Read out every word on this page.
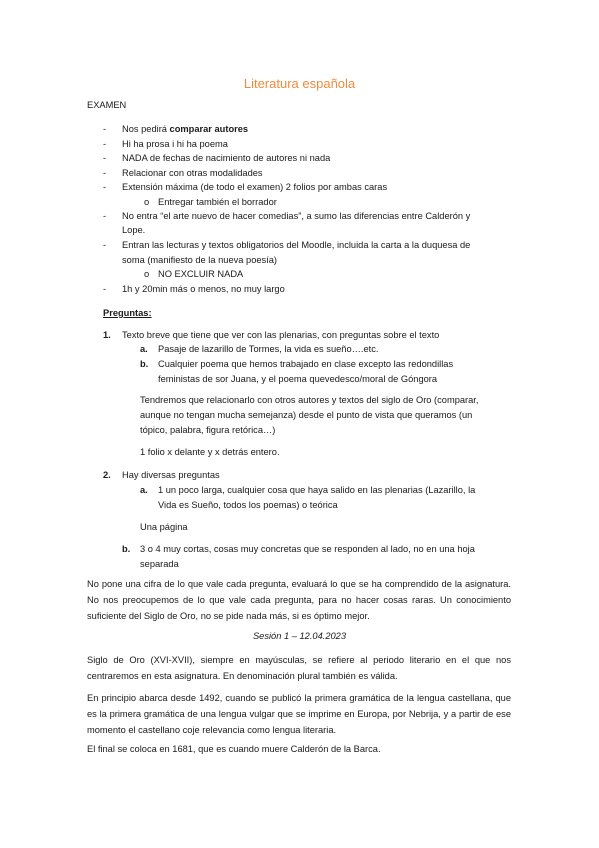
Literatura española
EXAMEN
- Nos pedirá comparar autores
- Hi ha prosa i hi ha poema
- NADA de fechas de nacimiento de autores ni nada
- Relacionar con otras modalidades
- Extensión máxima (de todo el examen) 2 folios por ambas caras
o Entregar también el borrador
- No entra “el arte nuevo de hacer comedias”, a sumo las diferencias entre Calderón y
Lope.
- Entran las lecturas y textos obligatorios del Moodle, incluida la carta a la duquesa de
soma (manifiesto de la nueva poesía)
o NO EXCLUIR NADA
- 1h y 20min más o menos, no muy largo
Preguntas:
1. Texto breve que tiene que ver con las plenarias, con preguntas sobre el texto
a. Pasaje de lazarillo de Tormes, la vida es sueño….etc.
b. Cualquier poema que hemos trabajado en clase excepto las redondillas
feministas de sor Juana, y el poema quevedesco/moral de Góngora
Tendremos que relacionarlo con otros autores y textos del siglo de Oro (comparar,
aunque no tengan mucha semejanza) desde el punto de vista que queramos (un
tópico, palabra, figura retórica…)
1 folio x delante y x detrás entero.
2. Hay diversas preguntas
a. 1 un poco larga, cualquier cosa que haya salido en las plenarias (Lazarillo, la
Vida es Sueño, todos los poemas) o teórica
Una página
b. 3 o 4 muy cortas, cosas muy concretas que se responden al lado, no en una hoja
separada
No pone una cifra de lo que vale cada pregunta, evaluará lo que se ha comprendido de la asignatura. No nos preocupemos de lo que vale cada pregunta, para no hacer cosas raras. Un conocimiento suficiente del Siglo de Oro, no se pide nada más, si es óptimo mejor.
Sesión 1 – 12.04.2023
Siglo de Oro (XVI-XVII), siempre en mayúsculas, se refiere al periodo literario en el que nos centraremos en esta asignatura. En denominación plural también es válida.
En principio abarca desde 1492, cuando se publicó la primera gramática de la lengua castellana, que es la primera gramática de una lengua vulgar que se imprime en Europa, por Nebrija, y a partir de ese momento el castellano coje relevancia como lengua literaria.
El final se coloca en 1681, que es cuando muere Calderón de la Barca.
